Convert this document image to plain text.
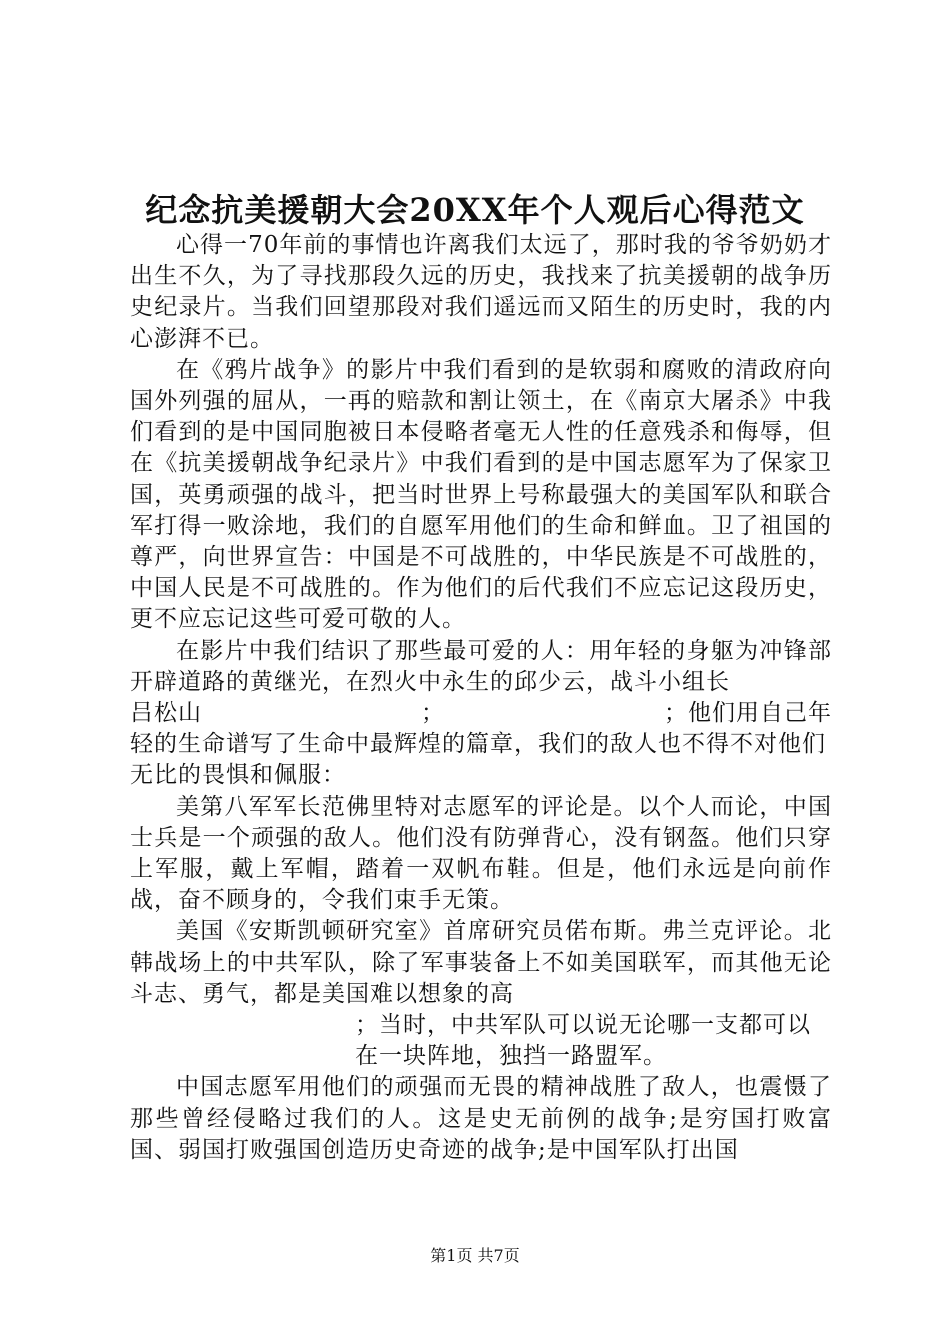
纪念抗美援朝大会20XX年个人观后心得范文

心得一70年前的事情也许离我们太远了，那时我的爷爷奶奶才出生不久，为了寻找那段久远的历史，我找来了抗美援朝的战争历史纪录片。当我们回望那段对我们遥远而又陌生的历史时，我的内心澎湃不已。

在《鸦片战争》的影片中我们看到的是软弱和腐败的清政府向国外列强的屈从，一再的赔款和割让领土，在《南京大屠杀》中我们看到的是中国同胞被日本侵略者毫无人性的任意残杀和侮辱，但在《抗美援朝战争纪录片》中我们看到的是中国志愿军为了保家卫国，英勇顽强的战斗，把当时世界上号称最强大的美国军队和联合军打得一败涂地，我们的自愿军用他们的生命和鲜血。卫了祖国的尊严，向世界宣告：中国是不可战胜的，中华民族是不可战胜的，中国人民是不可战胜的。作为他们的后代我们不应忘记这段历史，更不应忘记这些可爱可敬的人。

在影片中我们结识了那些最可爱的人：用年轻的身躯为冲锋部开辟道路的黄继光，在烈火中永生的邱少云，战斗小组长

吕松山	；	；他们用自己年
轻的生命谱写了生命中最辉煌的篇章，我们的敌人也不得不对他们无比的畏惧和佩服：

美第八军军长范佛里特对志愿军的评论是。以个人而论，中国士兵是一个顽强的敌人。他们没有防弹背心，没有钢盔。他们只穿上军服，戴上军帽，踏着一双帆布鞋。但是，他们永远是向前作战，奋不顾身的，令我们束手无策。

美国《安斯凯顿研究室》首席研究员偌布斯。弗兰克评论。北韩战场上的中共军队，除了军事装备上不如美国联军，而其他无论斗志、勇气，都是美国难以想象的高

；当时，中共军队可以说无论哪一支都可以在一块阵地，独挡一路盟军。

中国志愿军用他们的顽强而无畏的精神战胜了敌人，也震慑了那些曾经侵略过我们的人。这是史无前例的战争;是穷国打败富国、弱国打败强国创造历史奇迹的战争;是中国军队打出国

第1页 共7页
